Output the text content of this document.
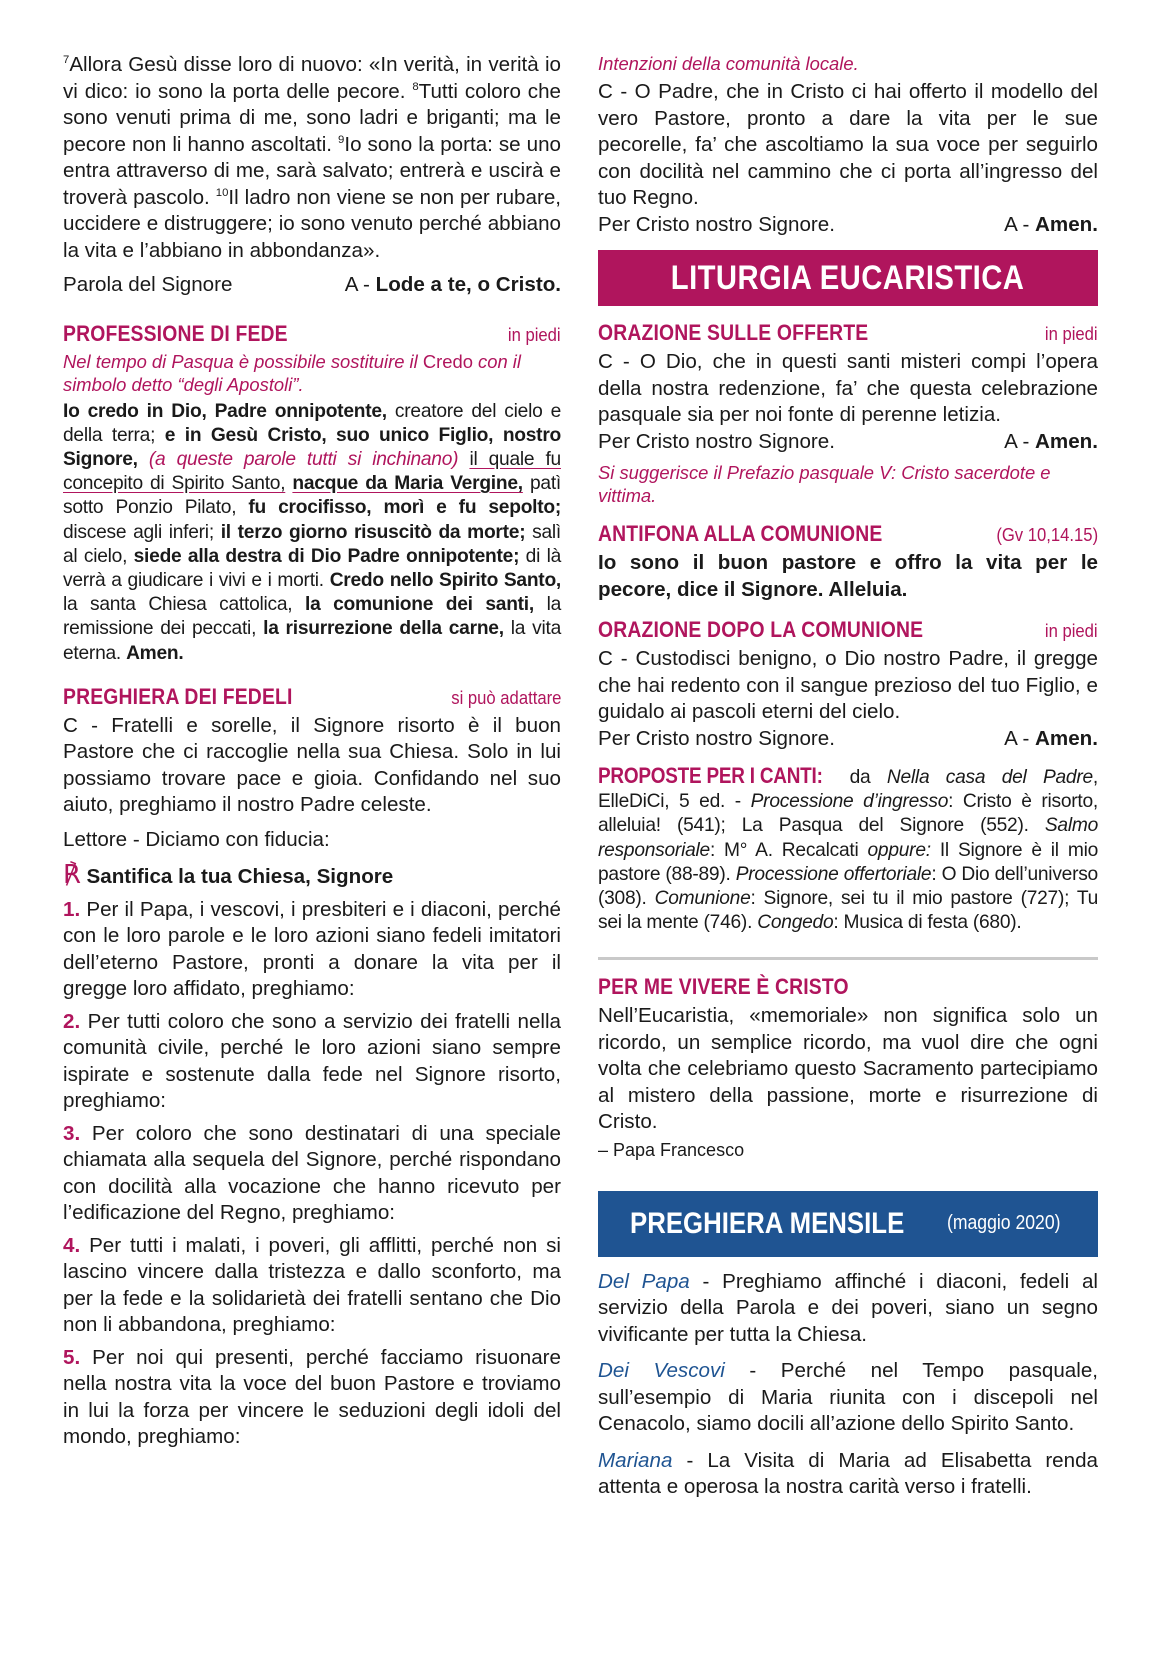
$^7$Allora Gesù disse loro di nuovo: «In verità, in verità io vi dico: io sono la porta delle pecore. $^8$Tutti coloro che sono venuti prima di me, sono ladri e briganti; ma le pecore non li hanno ascoltati. $^9$Io sono la porta: se uno entra attraverso di me, sarà salvato; entrerà e uscirà e troverà pascolo. $^{10}$Il ladro non viene se non per rubare, uccidere e distruggere; io sono venuto perché abbiano la vita e l’abbiano in abbondanza».

Parola del Signore	A - Lode a te, o Cristo.

PROFESSIONE DI FEDE	in piedi

Nel tempo di Pasqua è possibile sostituire il Credo con il simbolo detto “degli Apostoli”.

Io credo in Dio, Padre onnipotente, creatore del cielo e della terra; e in Gesù Cristo, suo unico Figlio, nostro Signore, (a queste parole tutti si inchinano) il quale fu concepito di Spirito Santo, nacque da Maria Vergine, patì sotto Ponzio Pilato, fu crocifisso, morì e fu sepolto; discese agli inferi; il terzo giorno risuscitò da morte; salì al cielo, siede alla destra di Dio Padre onnipotente; di là verrà a giudicare i vivi e i morti. Credo nello Spirito Santo, la santa Chiesa cattolica, la comunione dei santi, la remissione dei peccati, la risurrezione della carne, la vita eterna. Amen.

PREGHIERA DEI FEDELI	si può adattare

C - Fratelli e sorelle, il Signore risorto è il buon Pastore che ci raccoglie nella sua Chiesa. Solo in lui possiamo trovare pace e gioia. Confidando nel suo aiuto, preghiamo il nostro Padre celeste.

Lettore - Diciamo con fiducia:

℟ Santifica la tua Chiesa, Signore

1. Per il Papa, i vescovi, i presbiteri e i diaconi, perché con le loro parole e le loro azioni siano fedeli imitatori dell’eterno Pastore, pronti a donare la vita per il gregge loro affidato, preghiamo:

2. Per tutti coloro che sono a servizio dei fratelli nella comunità civile, perché le loro azioni siano sempre ispirate e sostenute dalla fede nel Signore risorto, preghiamo:

3. Per coloro che sono destinatari di una speciale chiamata alla sequela del Signore, perché rispondano con docilità alla vocazione che hanno ricevuto per l’edificazione del Regno, preghiamo:

4. Per tutti i malati, i poveri, gli afflitti, perché non si lascino vincere dalla tristezza e dallo sconforto, ma per la fede e la solidarietà dei fratelli sentano che Dio non li abbandona, preghiamo:

5. Per noi qui presenti, perché facciamo risuonare nella nostra vita la voce del buon Pastore e troviamo in lui la forza per vincere le seduzioni degli idoli del mondo, preghiamo:

Intenzioni della comunità locale.

C - O Padre, che in Cristo ci hai offerto il modello del vero Pastore, pronto a dare la vita per le sue pecorelle, fa’ che ascoltiamo la sua voce per seguirlo con docilità nel cammino che ci porta all’ingresso del tuo Regno.

Per Cristo nostro Signore.	A - Amen.

LITURGIA EUCARISTICA
ORAZIONE SULLE OFFERTE	in piedi

C - O Dio, che in questi santi misteri compi l’opera della nostra redenzione, fa’ che questa celebrazione pasquale sia per noi fonte di perenne letizia.

Per Cristo nostro Signore.	A - Amen.

Si suggerisce il Prefazio pasquale V: Cristo sacerdote e vittima.

ANTIFONA ALLA COMUNIONE	(Gv 10,14.15)

Io sono il buon pastore e offro la vita per le pecore, dice il Signore. Alleluia.

ORAZIONE DOPO LA COMUNIONE	in piedi

C - Custodisci benigno, o Dio nostro Padre, il gregge che hai redento con il sangue prezioso del tuo Figlio, e guidalo ai pascoli eterni del cielo.

Per Cristo nostro Signore.	A - Amen.

PROPOSTE PER I CANTI: da Nella casa del Padre, ElleDiCi, 5 ed. - Processione d’ingresso: Cristo è risorto, alleluia! (541); La Pasqua del Signore (552). Salmo responsoriale: M° A. Recalcati oppure: Il Signore è il mio pastore (88-89). Processione offertoriale: O Dio dell’universo (308). Comunione: Signore, sei tu il mio pastore (727); Tu sei la mente (746). Congedo: Musica di festa (680).

PER ME VIVERE È CRISTO

Nell’Eucaristia, «memoriale» non significa solo un ricordo, un semplice ricordo, ma vuol dire che ogni volta che celebriamo questo Sacramento partecipiamo al mistero della passione, morte e risurrezione di Cristo.

– Papa Francesco

PREGHIERA MENSILE (maggio 2020)

Del Papa - Preghiamo affinché i diaconi, fedeli al servizio della Parola e dei poveri, siano un segno vivificante per tutta la Chiesa.

Dei Vescovi - Perché nel Tempo pasquale, sull’esempio di Maria riunita con i discepoli nel Cenacolo, siamo docili all’azione dello Spirito Santo.

Mariana - La Visita di Maria ad Elisabetta renda attenta e operosa la nostra carità verso i fratelli.
